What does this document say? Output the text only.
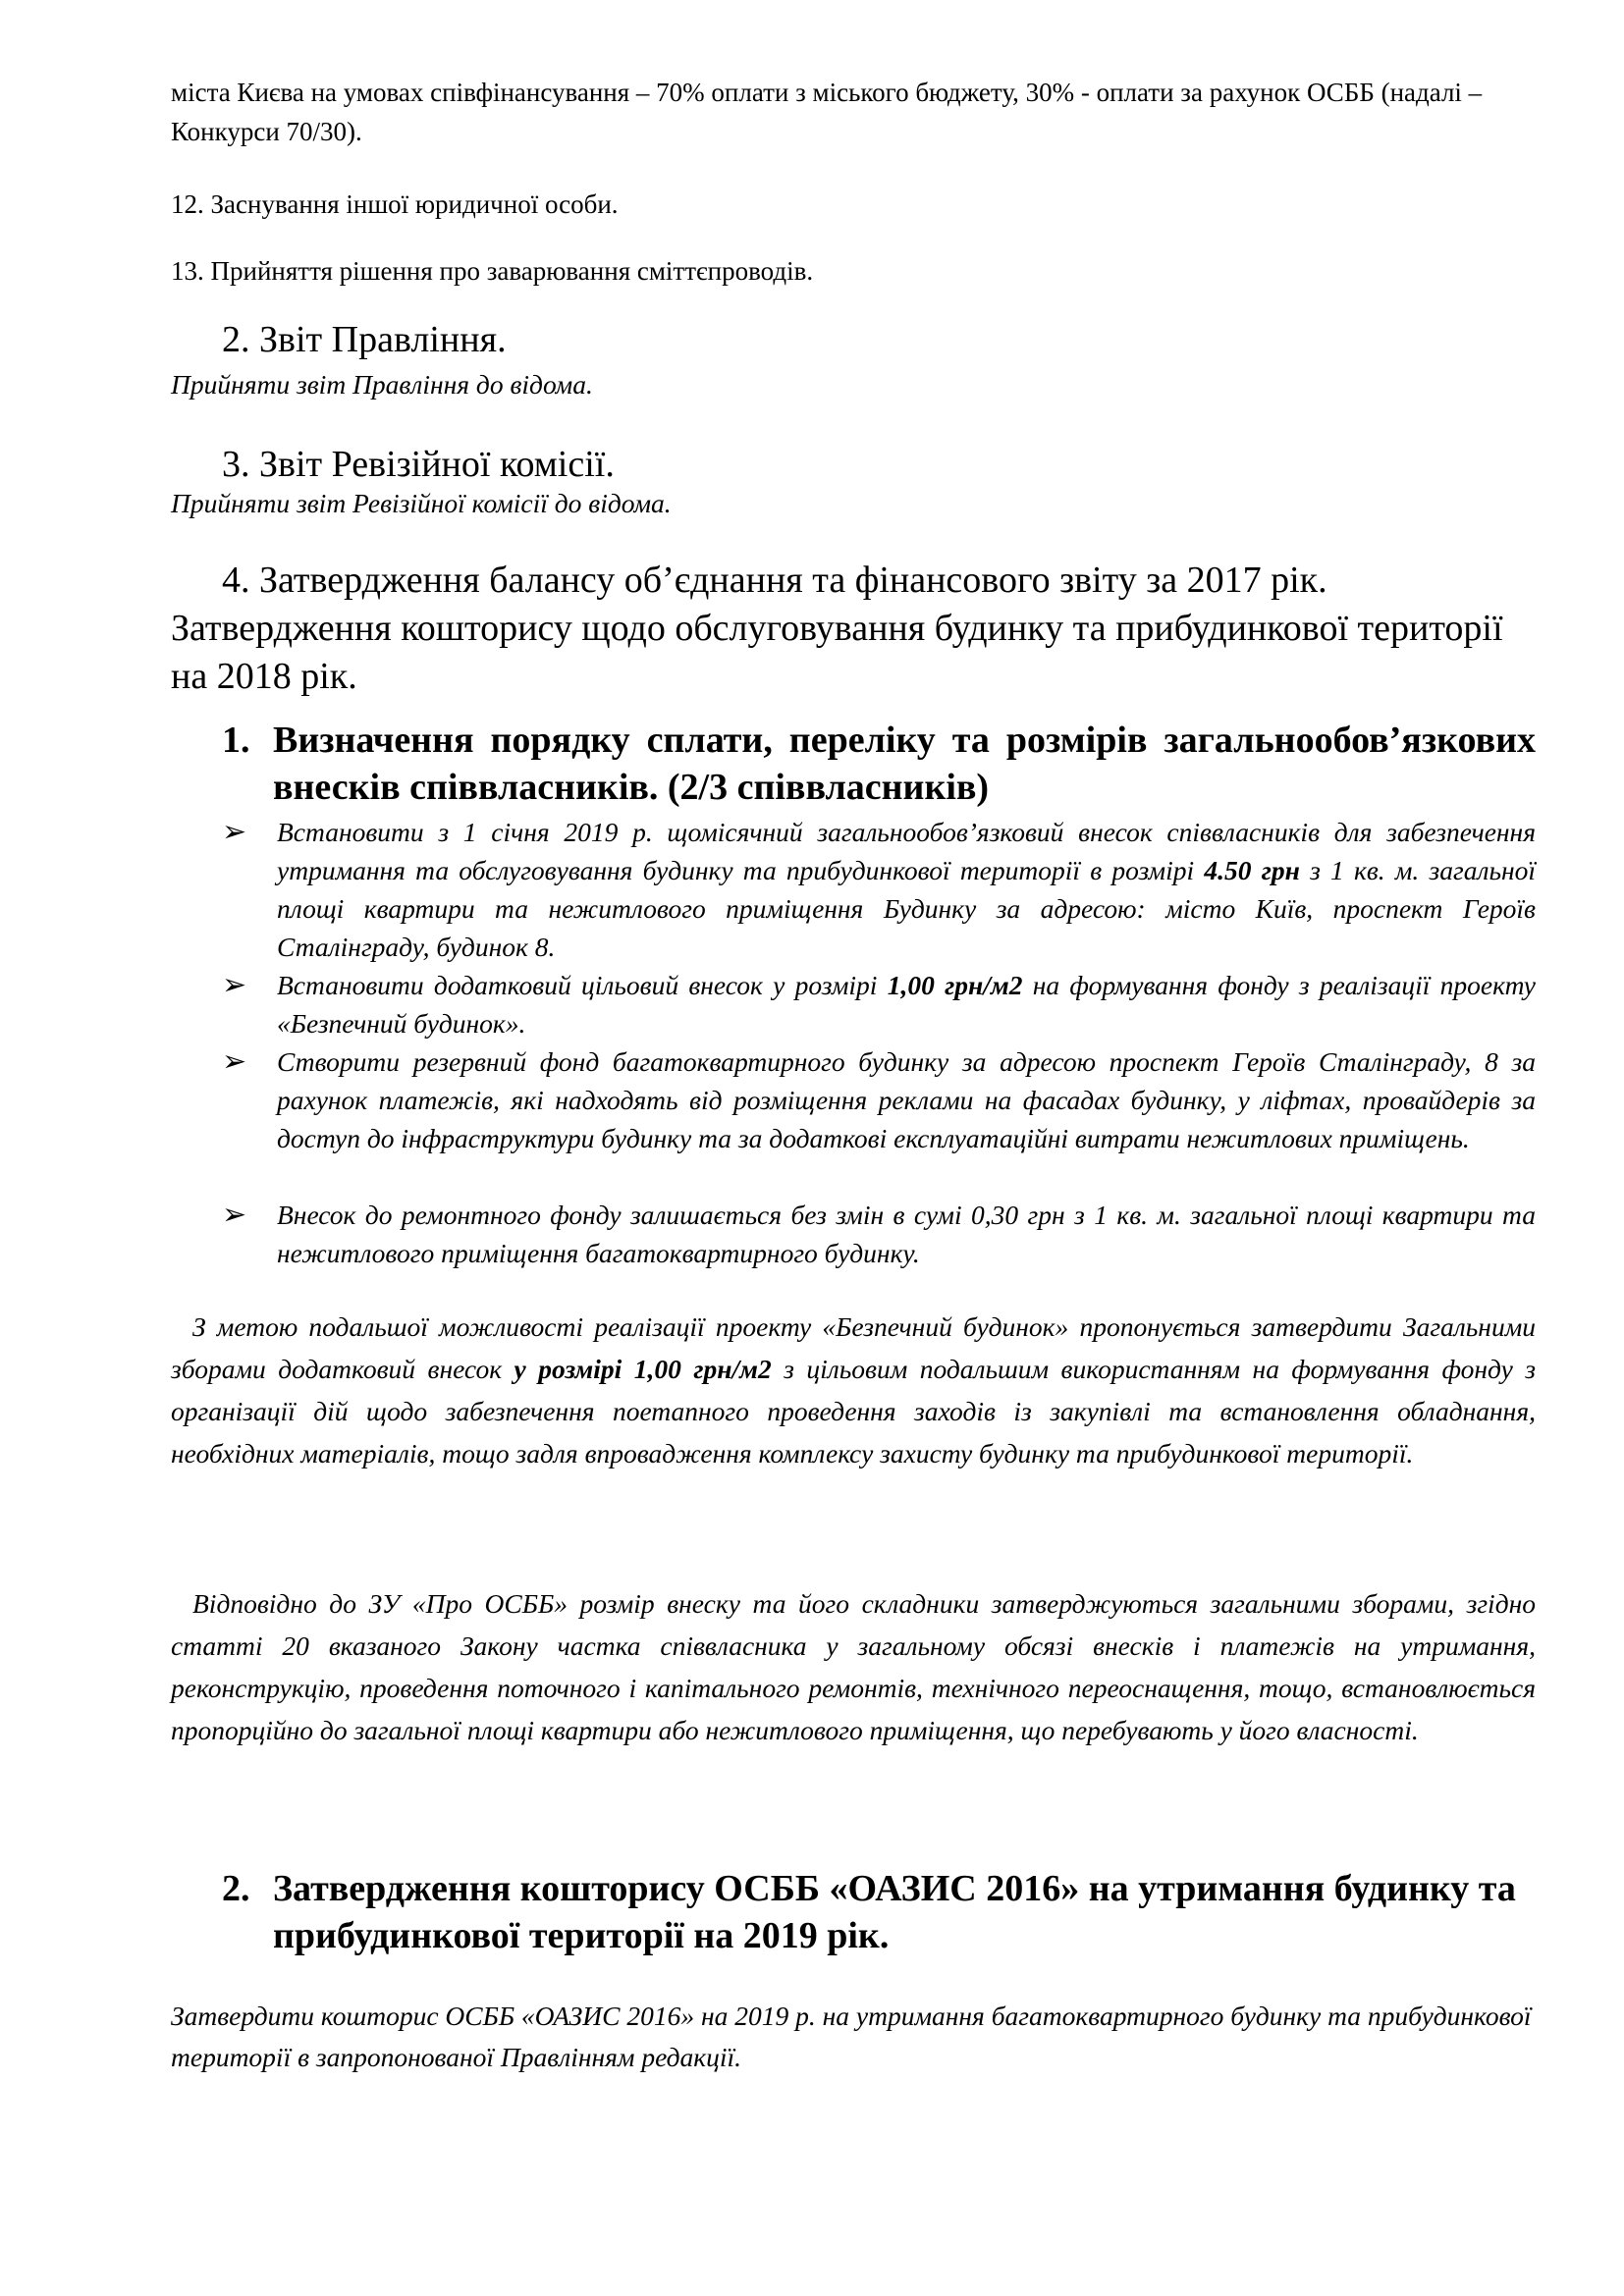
міста Києва на умовах співфінансування – 70% оплати з міського бюджету, 30% - оплати за рахунок ОСББ (надалі – Конкурси 70/30).

12. Заснування іншої юридичної особи.

13. Прийняття рішення про заварювання сміттєпроводів.

2. Звіт Правління.

Прийняти звіт Правління до відома.

3. Звіт Ревізійної комісії.

Прийняти звіт Ревізійної комісії до відома.

4. Затвердження балансу об’єднання та фінансового звіту за 2017 рік. Затвердження кошторису щодо обслуговування будинку та прибудинкової території на 2018 рік.

1. Визначення порядку сплати, переліку та розмірів загальнообов’язкових внесків співвласників. (2/3 співвласників)
➢	Встановити з 1 січня 2019 р. щомісячний загальнообов’язковий внесок співвласників для забезпечення утримання та обслуговування будинку та прибудинкової території в розмірі 4.50 грн з 1 кв. м. загальної площі квартири та нежитлового приміщення Будинку за адресою: місто Київ, проспект Героїв Сталінграду, будинок 8.
➢	Встановити додатковий цільовий внесок у розмірі 1,00 грн/м2 на формування фонду з реалізації проекту «Безпечний будинок».
➢	Створити резервний фонд багатоквартирного будинку за адресою проспект Героїв Сталінграду, 8 за рахунок платежів, які надходять від розміщення реклами на фасадах будинку, у ліфтах, провайдерів за доступ до інфраструктури будинку та за додаткові експлуатаційні витрати нежитлових приміщень.
➢	Внесок до ремонтного фонду залишається без змін в сумі 0,30 грн з 1 кв. м. загальної площі квартири та нежитлового приміщення багатоквартирного будинку.

З метою подальшої можливості реалізації проекту «Безпечний будинок» пропонується затвердити Загальними зборами додатковий внесок у розмірі 1,00 грн/м2 з цільовим подальшим використанням на формування фонду з організації дій щодо забезпечення поетапного проведення заходів із закупівлі та встановлення обладнання, необхідних матеріалів, тощо задля впровадження комплексу захисту будинку та прибудинкової території.

Відповідно до ЗУ «Про ОСББ» розмір внеску та його складники затверджуються загальними зборами, згідно статті 20 вказаного Закону частка співвласника у загальному обсязі внесків і платежів на утримання, реконструкцію, проведення поточного і капітального ремонтів, технічного переоснащення, тощо, встановлюється пропорційно до загальної площі квартири або нежитлового приміщення, що перебувають у його власності.

2. Затвердження кошторису ОСББ «ОАЗИС 2016» на утримання будинку та прибудинкової території на 2019 рік.

Затвердити кошторис ОСББ «ОАЗИС 2016» на 2019 р. на утримання багатоквартирного будинку та прибудинкової території в запропонованої Правлінням редакції.
